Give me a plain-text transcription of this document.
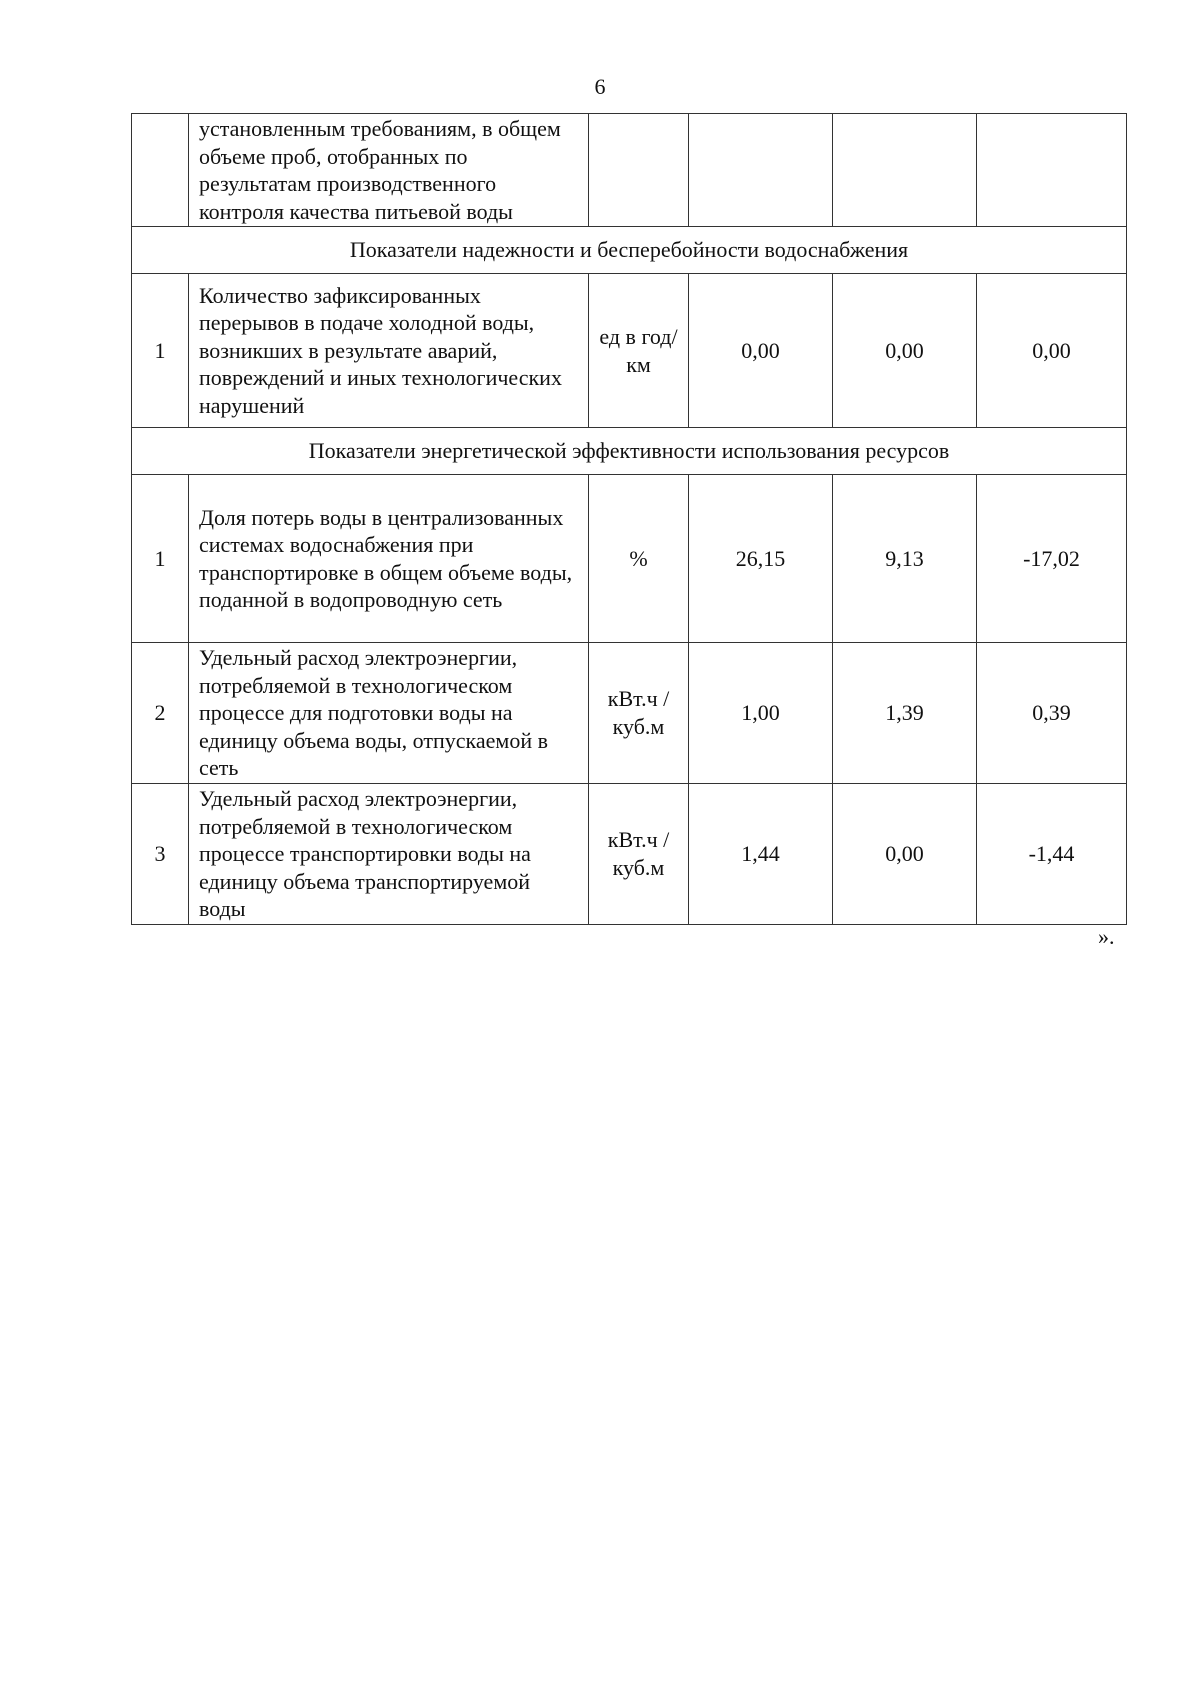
6
	установленным требованиям, в общем объеме проб, отобранных по результатам производственного контроля качества питьевой воды				
Показатели надежности и бесперебойности водоснабжения					
1	Количество зафиксированных перерывов в подаче холодной воды, возникших в результате аварий, повреждений и иных технологических нарушений	ед в год/ км	0,00	0,00	0,00
Показатели энергетической эффективности использования ресурсов					
1	Доля потерь воды в централизованных системах водоснабжения при транспортировке в общем объеме воды, поданной в водопроводную сеть	%	26,15	9,13	-17,02
2	Удельный расход электроэнергии, потребляемой в технологическом процессе для подготовки воды на единицу объема воды, отпускаемой в сеть	кВт.ч / куб.м	1,00	1,39	0,39
3	Удельный расход электроэнергии, потребляемой в технологическом процессе транспортировки воды на единицу объема транспортируемой воды	кВт.ч / куб.м	1,44	0,00	-1,44
».
